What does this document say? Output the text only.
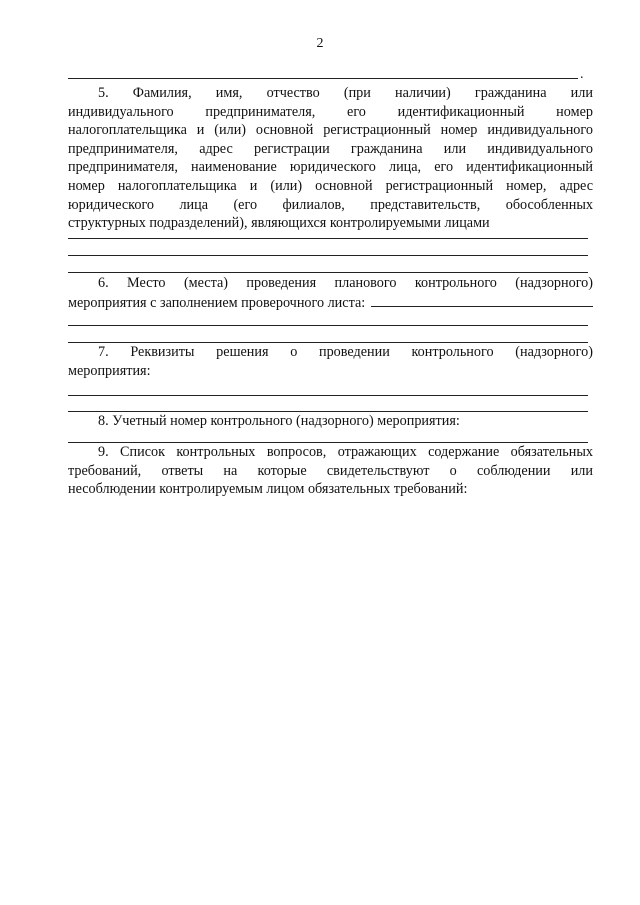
2
.
5. Фамилия, имя, отчество (при наличии) гражданина или
индивидуального предпринимателя, его идентификационный номер
налогоплательщика и (или) основной регистрационный номер индивидуального
предпринимателя, адрес регистрации гражданина или индивидуального
предпринимателя, наименование юридического лица, его идентификационный
номер налогоплательщика и (или) основной регистрационный номер, адрес
юридического лица (его филиалов, представительств, обособленных
структурных подразделений), являющихся контролируемыми лицами
6. Место (места) проведения планового контрольного (надзорного)
мероприятия с заполнением проверочного листа:
7. Реквизиты решения о проведении контрольного (надзорного)
мероприятия:
8. Учетный номер контрольного (надзорного) мероприятия:
9. Список контрольных вопросов, отражающих содержание обязательных
требований, ответы на которые свидетельствуют о соблюдении или
несоблюдении контролируемым лицом обязательных требований:
